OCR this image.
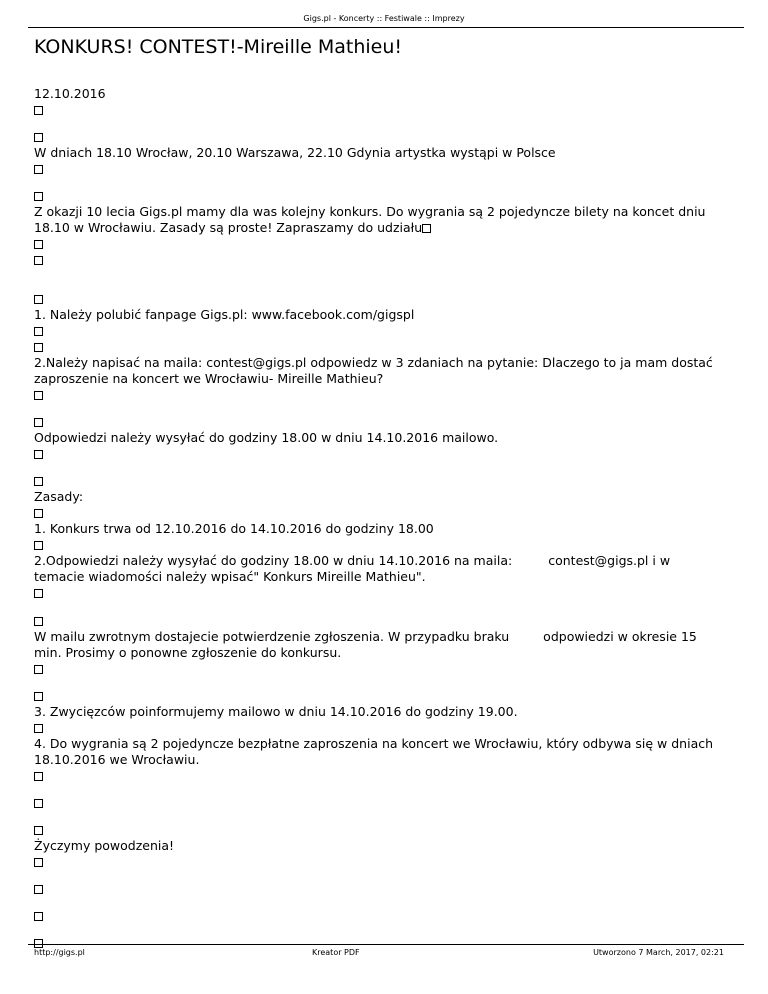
Gigs.pl - Koncerty :: Festiwale :: Imprezy
KONKURS! CONTEST!-Mireille Mathieu!
12.10.2016
W dniach 18.10 Wrocław, 20.10 Warszawa, 22.10 Gdynia artystka wystąpi w Polsce
Z okazji 10 lecia Gigs.pl mamy dla was kolejny konkurs. Do wygrania są 2 pojedyncze bilety na koncet dniu 18.10 w Wrocławiu. Zasady są proste! Zapraszamy do udziału
1. Należy polubić fanpage Gigs.pl: www.facebook.com/gigspl
2.Należy napisać na maila: contest@gigs.pl odpowiedz w 3 zdaniach na pytanie: Dlaczego to ja mam dostać zaproszenie na koncert we Wrocławiu- Mireille Mathieu?
Odpowiedzi należy wysyłać do godziny 18.00 w dniu 14.10.2016 mailowo.
Zasady:
1. Konkurs trwa od 12.10.2016 do 14.10.2016 do godziny 18.00
2.Odpowiedzi należy wysyłać do godziny 18.00 w dniu 14.10.2016 na maila:	contest@gigs.pl i w
temacie wiadomości należy wpisać" Konkurs Mireille Mathieu".
W mailu zwrotnym dostajecie potwierdzenie zgłoszenia. W przypadku braku	odpowiedzi w okresie 15
min. Prosimy o ponowne zgłoszenie do konkursu.
3. Zwycięzców poinformujemy mailowo w dniu 14.10.2016 do godziny 19.00.
4. Do wygrania są 2 pojedyncze bezpłatne zaproszenia na koncert we Wrocławiu, który odbywa się w dniach 18.10.2016 we Wrocławiu.
Życzymy powodzenia!
http://gigs.pl	Kreator PDF	Utworzono 7 March, 2017, 02:21
